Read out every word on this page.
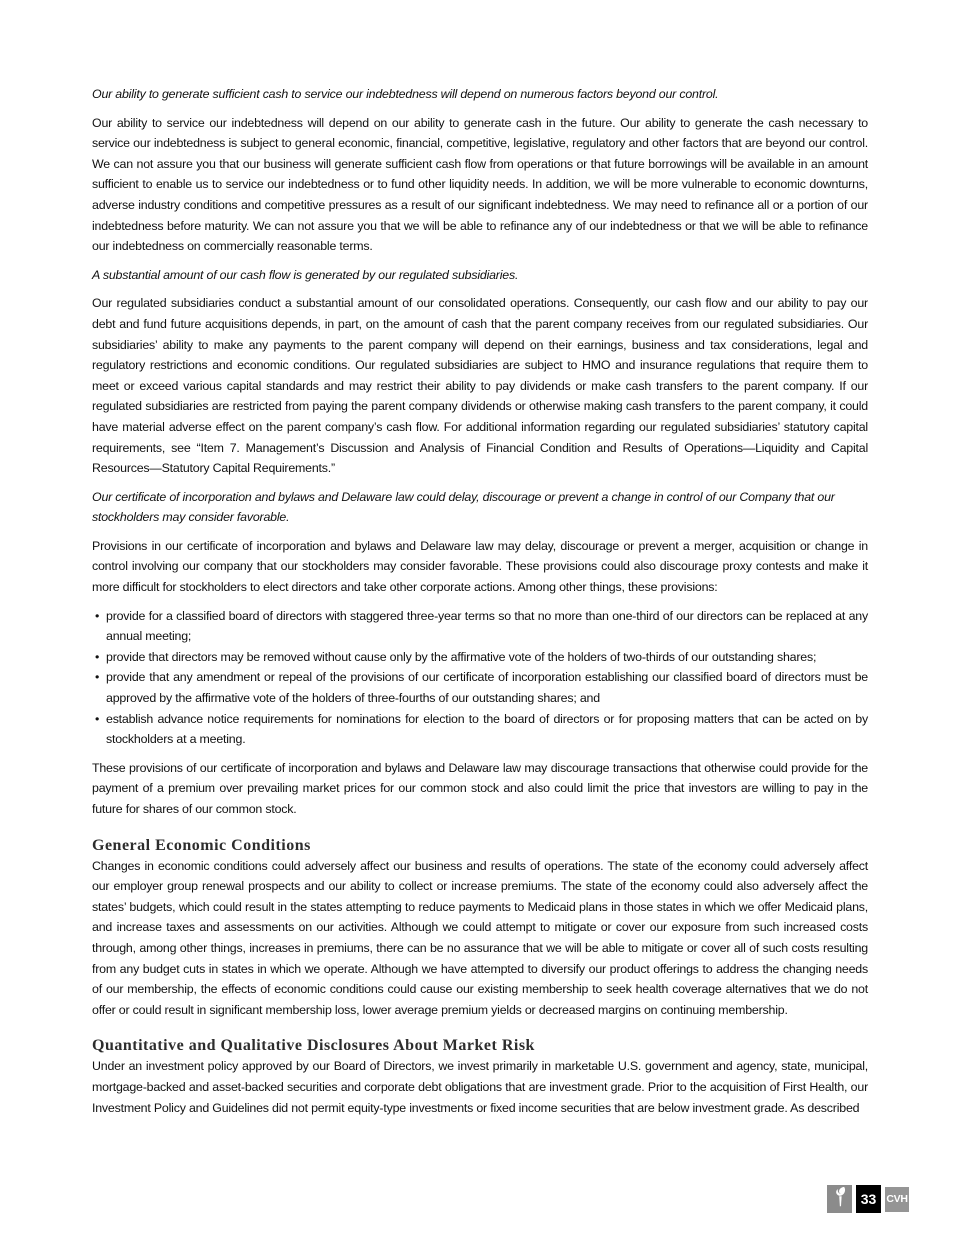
Our ability to generate sufficient cash to service our indebtedness will depend on numerous factors beyond our control.

Our ability to service our indebtedness will depend on our ability to generate cash in the future. Our ability to generate the cash necessary to service our indebtedness is subject to general economic, financial, competitive, legislative, regulatory and other factors that are beyond our control. We can not assure you that our business will generate sufficient cash flow from operations or that future borrowings will be available in an amount sufficient to enable us to service our indebtedness or to fund other liquidity needs. In addition, we will be more vulnerable to economic downturns, adverse industry conditions and competitive pressures as a result of our significant indebtedness. We may need to refinance all or a portion of our indebtedness before maturity. We can not assure you that we will be able to refinance any of our indebtedness or that we will be able to refinance our indebtedness on commercially reasonable terms.

A substantial amount of our cash flow is generated by our regulated subsidiaries.

Our regulated subsidiaries conduct a substantial amount of our consolidated operations. Consequently, our cash flow and our ability to pay our debt and fund future acquisitions depends, in part, on the amount of cash that the parent company receives from our regulated subsidiaries. Our subsidiaries’ ability to make any payments to the parent company will depend on their earnings, business and tax considerations, legal and regulatory restrictions and economic conditions. Our regulated subsidiaries are subject to HMO and insurance regulations that require them to meet or exceed various capital standards and may restrict their ability to pay dividends or make cash transfers to the parent company. If our regulated subsidiaries are restricted from paying the parent company dividends or otherwise making cash transfers to the parent company, it could have material adverse effect on the parent company’s cash flow. For additional information regarding our regulated subsidiaries’ statutory capital requirements, see “Item 7. Management’s Discussion and Analysis of Financial Condition and Results of Operations—Liquidity and Capital Resources—Statutory Capital Requirements.”

Our certificate of incorporation and bylaws and Delaware law could delay, discourage or prevent a change in control of our Company that our stockholders may consider favorable.

Provisions in our certificate of incorporation and bylaws and Delaware law may delay, discourage or prevent a merger, acquisition or change in control involving our company that our stockholders may consider favorable. These provisions could also discourage proxy contests and make it more difficult for stockholders to elect directors and take other corporate actions. Among other things, these provisions:

• provide for a classified board of directors with staggered three-year terms so that no more than one-third of our directors can be replaced at any annual meeting;
• provide that directors may be removed without cause only by the affirmative vote of the holders of two-thirds of our outstanding shares;
• provide that any amendment or repeal of the provisions of our certificate of incorporation establishing our classified board of directors must be approved by the affirmative vote of the holders of three-fourths of our outstanding shares; and
• establish advance notice requirements for nominations for election to the board of directors or for proposing matters that can be acted on by stockholders at a meeting.

These provisions of our certificate of incorporation and bylaws and Delaware law may discourage transactions that otherwise could provide for the payment of a premium over prevailing market prices for our common stock and also could limit the price that investors are willing to pay in the future for shares of our common stock.

General Economic Conditions

Changes in economic conditions could adversely affect our business and results of operations. The state of the economy could adversely affect our employer group renewal prospects and our ability to collect or increase premiums. The state of the economy could also adversely affect the states’ budgets, which could result in the states attempting to reduce payments to Medicaid plans in those states in which we offer Medicaid plans, and increase taxes and assessments on our activities. Although we could attempt to mitigate or cover our exposure from such increased costs through, among other things, increases in premiums, there can be no assurance that we will be able to mitigate or cover all of such costs resulting from any budget cuts in states in which we operate. Although we have attempted to diversify our product offerings to address the changing needs of our membership, the effects of economic conditions could cause our existing membership to seek health coverage alternatives that we do not offer or could result in significant membership loss, lower average premium yields or decreased margins on continuing membership.

Quantitative and Qualitative Disclosures About Market Risk

Under an investment policy approved by our Board of Directors, we invest primarily in marketable U.S. government and agency, state, municipal, mortgage-backed and asset-backed securities and corporate debt obligations that are investment grade. Prior to the acquisition of First Health, our Investment Policy and Guidelines did not permit equity-type investments or fixed income securities that are below investment grade. As described

33 CVH
